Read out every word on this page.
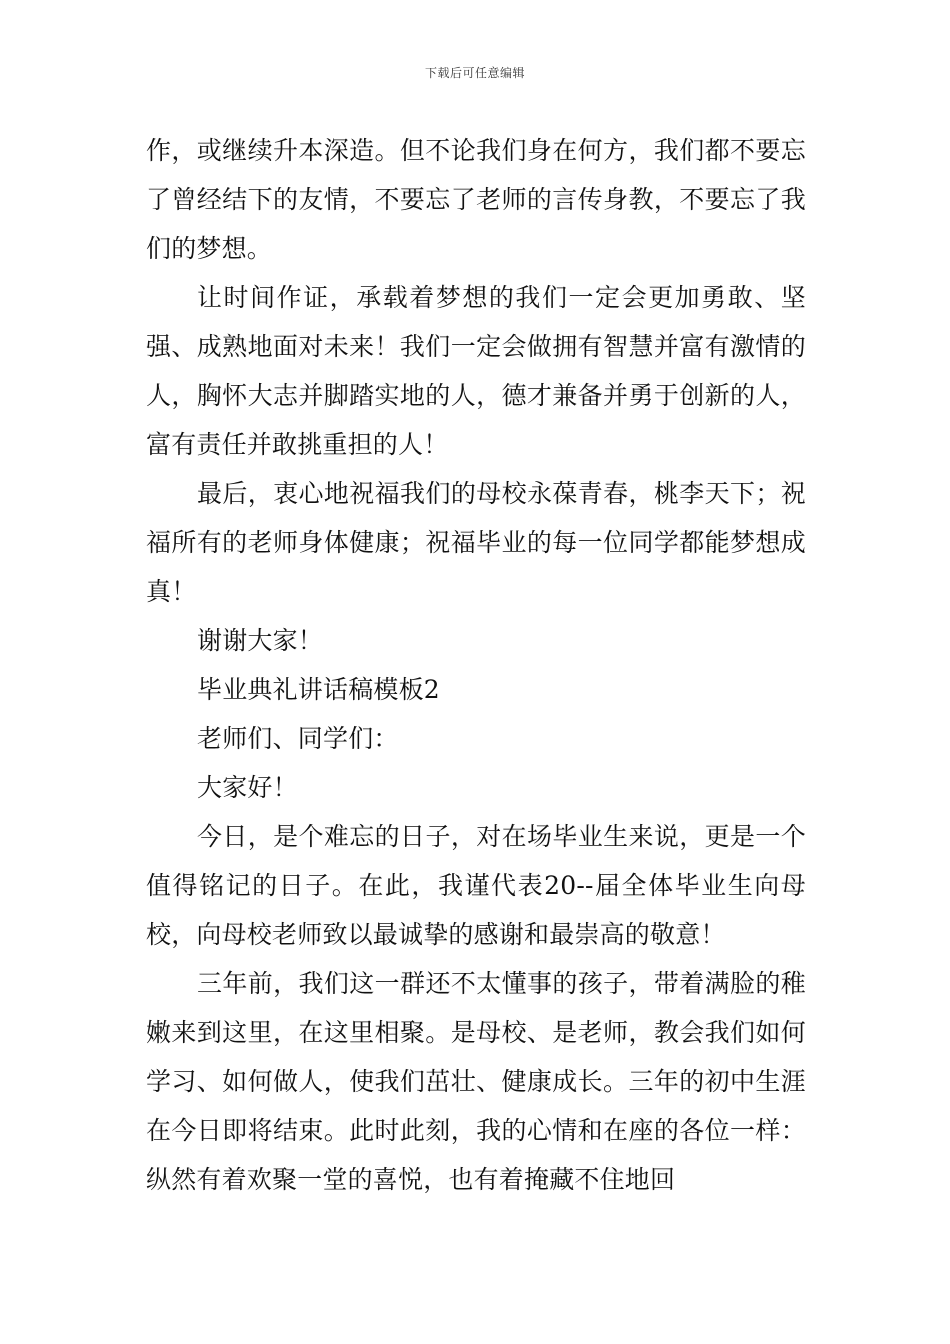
下载后可任意编辑

作，或继续升本深造。但不论我们身在何方，我们都不要忘了曾经结下的友情，不要忘了老师的言传身教，不要忘了我们的梦想。

让时间作证，承载着梦想的我们一定会更加勇敢、坚强、成熟地面对未来！我们一定会做拥有智慧并富有激情的人，胸怀大志并脚踏实地的人，德才兼备并勇于创新的人，富有责任并敢挑重担的人！

最后，衷心地祝福我们的母校永葆青春，桃李天下；祝福所有的老师身体健康；祝福毕业的每一位同学都能梦想成真！

谢谢大家！

毕业典礼讲话稿模板2

老师们、同学们：

大家好！

今日，是个难忘的日子，对在场毕业生来说，更是一个值得铭记的日子。在此，我谨代表20--届全体毕业生向母校，向母校老师致以最诚挚的感谢和最崇高的敬意！

三年前，我们这一群还不太懂事的孩子，带着满脸的稚嫩来到这里，在这里相聚。是母校、是老师，教会我们如何学习、如何做人，使我们茁壮、健康成长。三年的初中生涯在今日即将结束。此时此刻，我的心情和在座的各位一样：纵然有着欢聚一堂的喜悦，也有着掩藏不住地回
